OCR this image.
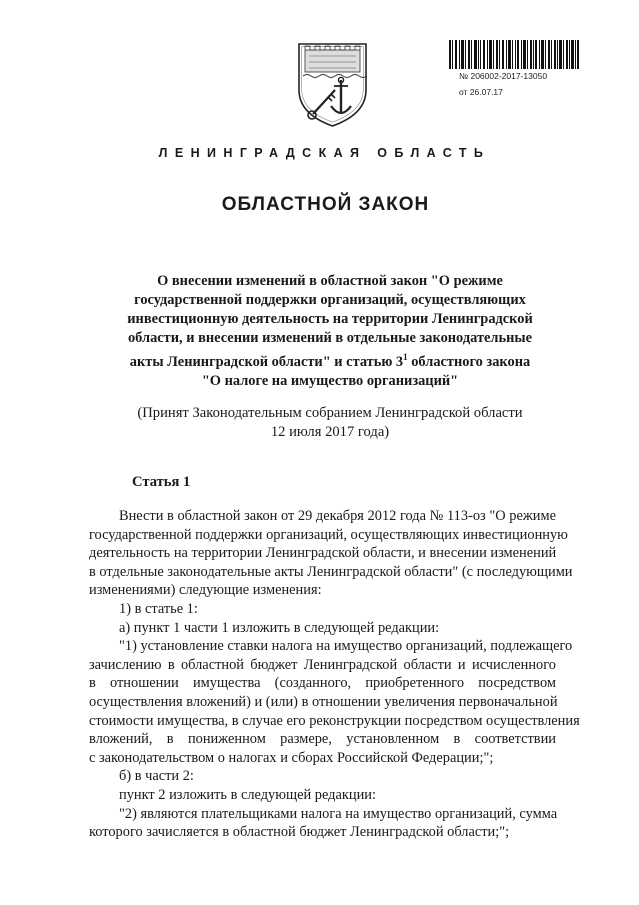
№ 206002-2017-13050
от 26.07.17
ЛЕНИНГРАДСКАЯ ОБЛАСТЬ
ОБЛАСТНОЙ ЗАКОН
О внесении изменений в областной закон "О режиме
государственной поддержки организаций, осуществляющих
инвестиционную деятельность на территории Ленинградской
области, и внесении изменений в отдельные законодательные
акты Ленинградской области" и статью $3^1$ областного закона
"О налоге на имущество организаций"
(Принят Законодательным собранием Ленинградской области
12 июля 2017 года)
Статья 1
Внести в областной закон от 29 декабря 2012 года № 113-оз "О режиме
государственной поддержки организаций, осуществляющих инвестиционную
деятельность на территории Ленинградской области, и внесении изменений
в отдельные законодательные акты Ленинградской области" (с последующими
изменениями) следующие изменения:
1) в статье 1:
а) пункт 1 части 1 изложить в следующей редакции:
"1) установление ставки налога на имущество организаций, подлежащего
зачислению в областной бюджет Ленинградской области и исчисленного
в отношении имущества (созданного, приобретенного посредством
осуществления вложений) и (или) в отношении увеличения первоначальной
стоимости имущества, в случае его реконструкции посредством осуществления
вложений, в пониженном размере, установленном в соответствии
с законодательством о налогах и сборах Российской Федерации;";
б) в части 2:
пункт 2 изложить в следующей редакции:
"2) являются плательщиками налога на имущество организаций, сумма
которого зачисляется в областной бюджет Ленинградской области;";
